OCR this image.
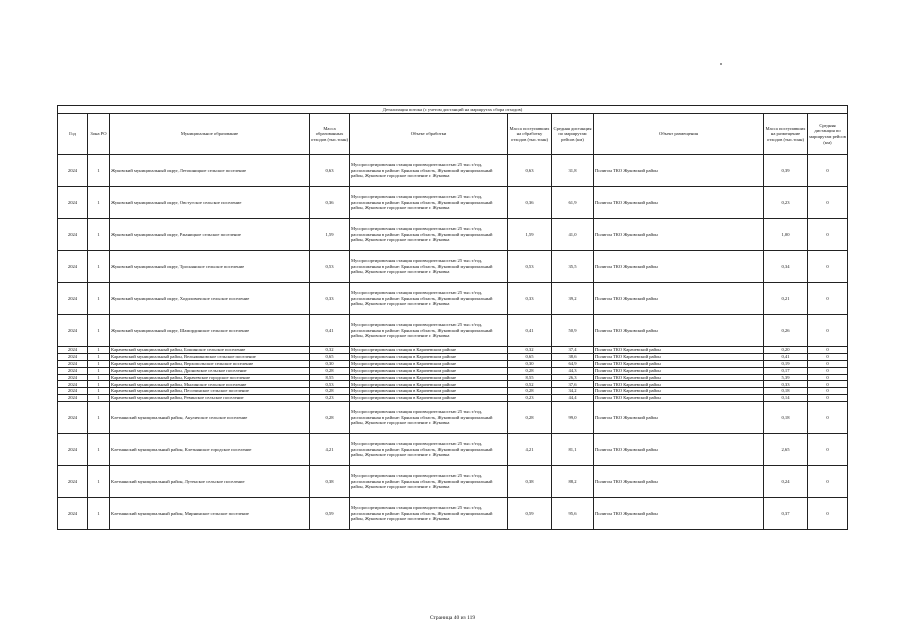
Детализация потока (с учетом дистанций на маршрутах сбора отходов)									
Год	Зона РО	Муниципальное образование	Масса образованных отходов (тыс.тонн)	Объект обработки	Масса поступивших на обработку отходов (тыс.тонн)	Средняя дистанция по маршрутам рейсов (км)	Объект размещения	Масса поступивших на размещение отходов (тыс.тонн)	Средняя дистанция по маршрутам рейсов (км)
2024	1	Жуковский муниципальный округ, Летошницкое сельское поселение	0,63	Мусоросортировочная станция производительностью 25 тыс.т/год, расположенная в районе: Брянская область, Жуковский муниципальный район, Жуковское городское поселение г. Жуковка	0,63	31,8	Полигон ТКО Жуковский район	0,39	0
2024	1	Жуковский муниципальный округ, Овстугское сельское поселение	0,36	Мусоросортировочная станция производительностью 25 тыс.т/год, расположенная в районе: Брянская область, Жуковский муниципальный район, Жуковское городское поселение г. Жуковка	0,36	61,9	Полигон ТКО Жуковский район	0,23	0
2024	1	Жуковский муниципальный округ, Ржаницкое сельское поселение	1,59	Мусоросортировочная станция производительностью 25 тыс.т/год, расположенная в районе: Брянская область, Жуковский муниципальный район, Жуковское городское поселение г. Жуковка	1,59	41,0	Полигон ТКО Жуковский район	1,00	0
2024	1	Жуковский муниципальный округ, Троснянское сельское поселение	0,53	Мусоросортировочная станция производительностью 25 тыс.т/год, расположенная в районе: Брянская область, Жуковский муниципальный район, Жуковское городское поселение г. Жуковка	0,53	35,5	Полигон ТКО Жуковский район	0,34	0
2024	1	Жуковский муниципальный округ, Ходиловичское сельское поселение	0,33	Мусоросортировочная станция производительностью 25 тыс.т/год, расположенная в районе: Брянская область, Жуковский муниципальный район, Жуковское городское поселение г. Жуковка	0,33	39,2	Полигон ТКО Жуковский район	0,21	0
2024	1	Жуковский муниципальный округ, Шамординское сельское поселение	0,41	Мусоросортировочная станция производительностью 25 тыс.т/год, расположенная в районе: Брянская область, Жуковский муниципальный район, Жуковское городское поселение г. Жуковка	0,41	50,9	Полигон ТКО Жуковский район	0,26	0
2024	1	Карачевский муниципальный район, Бошинское сельское поселение	0,32	Мусоросортировочная станция в Карачевском районе	0,32	37,4	Полигон ТКО Карачевский район	0,20	0
2024	1	Карачевский муниципальный район, Вельяминовское сельское поселение	0,65	Мусоросортировочная станция в Карачевском районе	0,65	38,6	Полигон ТКО Карачевский район	0,41	0
2024	1	Карачевский муниципальный район, Верхополъское сельское поселение	0,30	Мусоросортировочная станция в Карачевском районе	0,30	64,9	Полигон ТКО Карачевский район	0,19	0
2024	1	Карачевский муниципальный район, Дроновское сельское поселение	0,28	Мусоросортировочная станция в Карачевском районе	0,28	44,3	Полигон ТКО Карачевский район	0,17	0
2024	1	Карачевский муниципальный район, Карачевское городское поселение	8,55	Мусоросортировочная станция в Карачевском районе	8,55	26,3	Полигон ТКО Карачевский район	5,39	0
2024	1	Карачевский муниципальный район, Мылинское сельское поселение	0,53	Мусоросортировочная станция в Карачевском районе	0,52	37,6	Полигон ТКО Карачевский район	0,33	0
2024	1	Карачевский муниципальный район, Песочинское сельское поселение	0,28	Мусоросортировочная станция в Карачевском районе	0,28	34,2	Полигон ТКО Карачевский район	0,18	0
2024	1	Карачевский муниципальный район, Ревинское сельское поселение	0,23	Мусоросортировочная станция в Карачевском районе	0,23	44,4	Полигон ТКО Карачевский район	0,14	0
2024	1	Клетнянский муниципальный район, Акуличское сельское поселение	0,28	Мусоросортировочная станция производительностью 25 тыс.т/год, расположенная в районе: Брянская область, Жуковский муниципальный район, Жуковское городское поселение г. Жуковка	0,28	99,0	Полигон ТКО Жуковский район	0,18	0
2024	1	Клетнянский муниципальный район, Клетнянское городское поселение	4,21	Мусоросортировочная станция производительностью 25 тыс.т/год, расположенная в районе: Брянская область, Жуковский муниципальный район, Жуковское городское поселение г. Жуковка	4,21	81,1	Полигон ТКО Жуковский район	2,65	0
2024	1	Клетнянский муниципальный район, Лутенское сельское поселение	0,38	Мусоросортировочная станция производительностью 25 тыс.т/год, расположенная в районе: Брянская область, Жуковский муниципальный район, Жуковское городское поселение г. Жуковка	0,38	88,2	Полигон ТКО Жуковский район	0,24	0
2024	1	Клетнянский муниципальный район, Мирнинское сельское поселение	0,59	Мусоросортировочная станция производительностью 25 тыс.т/год, расположенная в районе: Брянская область, Жуковский муниципальный район, Жуковское городское поселение г. Жуковка	0,59	95,6	Полигон ТКО Жуковский район	0,37	0
Страница 40 из 119
